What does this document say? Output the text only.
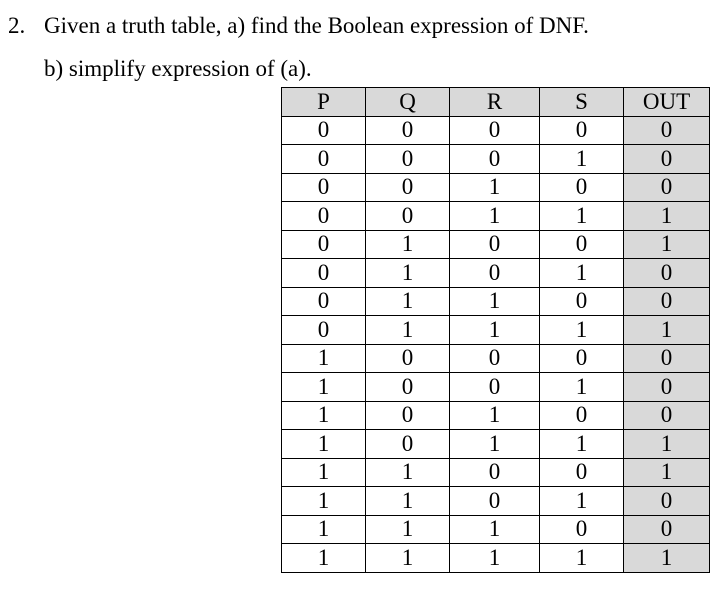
2. Given a truth table, a) find the Boolean expression of DNF.
b) simplify expression of (a).
P	Q	R	S	OUT
0	0	0	0	0
0	0	0	1	0
0	0	1	0	0
0	0	1	1	1
0	1	0	0	1
0	1	0	1	0
0	1	1	0	0
0	1	1	1	1
1	0	0	0	0
1	0	0	1	0
1	0	1	0	0
1	0	1	1	1
1	1	0	0	1
1	1	0	1	0
1	1	1	0	0
1	1	1	1	1
